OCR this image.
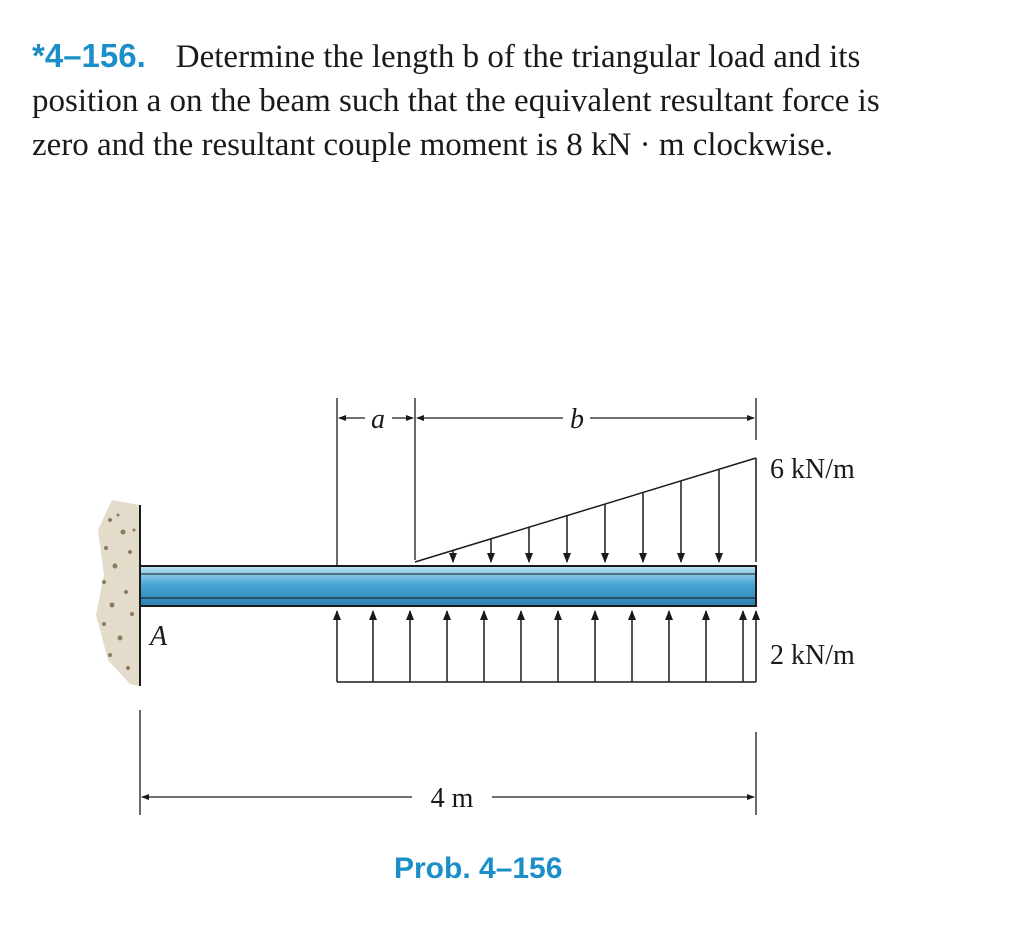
*4–156. Determine the length b of the triangular load and its position a on the beam such that the equivalent resultant force is zero and the resultant couple moment is 8 kN · m clockwise.
a	b
6 kN/m
2 kN/m
A
4 m
Prob. 4–156
